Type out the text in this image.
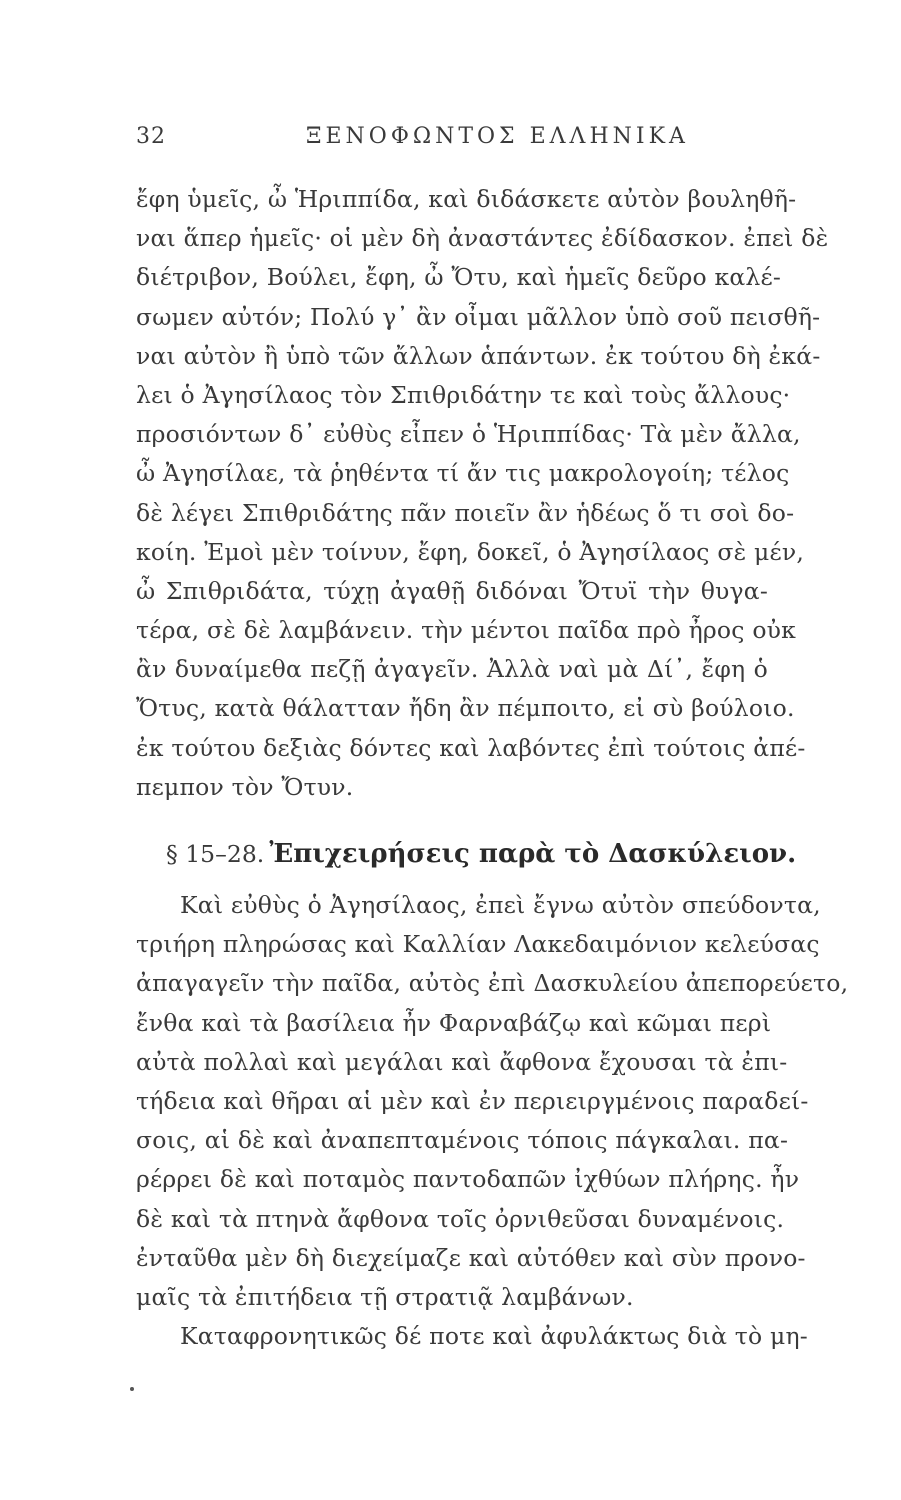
32	ΞΕΝΟΦΩΝΤΟΣ ΕΛΛΗΝΙΚΑ
ἔφη ὑμεῖς, ὦ Ἡριππίδα, καὶ διδάσκετε αὐτὸν βουληθῆ-
ναι ἅπερ ἡμεῖς· οἱ μὲν δὴ ἀναστάντες ἐδίδασκον. ἐπεὶ δὲ
διέτριβον, Βούλει, ἔφη, ὦ Ὄτυ, καὶ ἡμεῖς δεῦρο καλέ-
σωμεν αὐτόν; Πολύ γ᾽ ἂν οἶμαι μᾶλλον ὑπὸ σοῦ πεισθῆ-
ναι αὐτὸν ἢ ὑπὸ τῶν ἄλλων ἁπάντων. ἐκ τούτου δὴ ἐκά-
λει ὁ Ἀγησίλαος τὸν Σπιθριδάτην τε καὶ τοὺς ἄλλους·
προσιόντων δ᾽ εὐθὺς εἶπεν ὁ Ἡριππίδας· Τὰ μὲν ἄλλα,
ὦ Ἀγησίλαε, τὰ ῥηθέντα τί ἄν τις μακρολογοίη; τέλος
δὲ λέγει Σπιθριδάτης πᾶν ποιεῖν ἂν ἡδέως ὅ τι σοὶ δο-
κοίη. Ἐμοὶ μὲν τοίνυν, ἔφη, δοκεῖ, ὁ Ἀγησίλαος σὲ μέν,
ὦ Σπιθριδάτα, τύχῃ ἀγαθῇ διδόναι Ὄτυϊ τὴν θυγα-
τέρα, σὲ δὲ λαμβάνειν. τὴν μέντοι παῖδα πρὸ ἦρος οὐκ
ἂν δυναίμεθα πεζῇ ἀγαγεῖν. Ἀλλὰ ναὶ μὰ Δί᾽, ἔφη ὁ
Ὄτυς, κατὰ θάλατταν ἤδη ἂν πέμποιτο, εἰ σὺ βούλοιο.
ἐκ τούτου δεξιὰς δόντες καὶ λαβόντες ἐπὶ τούτοις ἀπέ-
πεμπον τὸν Ὄτυν.
§ 15–28. Ἐπιχειρήσεις παρὰ τὸ Δασκύλειον.
Καὶ εὐθὺς ὁ Ἀγησίλαος, ἐπεὶ ἔγνω αὐτὸν σπεύδοντα,
τριήρη πληρώσας καὶ Καλλίαν Λακεδαιμόνιον κελεύσας
ἀπαγαγεῖν τὴν παῖδα, αὐτὸς ἐπὶ Δασκυλείου ἀπεπορεύετο,
ἔνθα καὶ τὰ βασίλεια ἦν Φαρναβάζῳ καὶ κῶμαι περὶ
αὐτὰ πολλαὶ καὶ μεγάλαι καὶ ἄφθονα ἔχουσαι τὰ ἐπι-
τήδεια καὶ θῆραι αἱ μὲν καὶ ἐν περιειργμένοις παραδεί-
σοις, αἱ δὲ καὶ ἀναπεπταμένοις τόποις πάγκαλαι. πα-
ρέρρει δὲ καὶ ποταμὸς παντοδαπῶν ἰχθύων πλήρης. ἦν
δὲ καὶ τὰ πτηνὰ ἄφθονα τοῖς ὀρνιθεῦσαι δυναμένοις.
ἐνταῦθα μὲν δὴ διεχείμαζε καὶ αὐτόθεν καὶ σὺν προνο-
μαῖς τὰ ἐπιτήδεια τῇ στρατιᾷ λαμβάνων.
Καταφρονητικῶς δέ ποτε καὶ ἀφυλάκτως διὰ τὸ μη-
